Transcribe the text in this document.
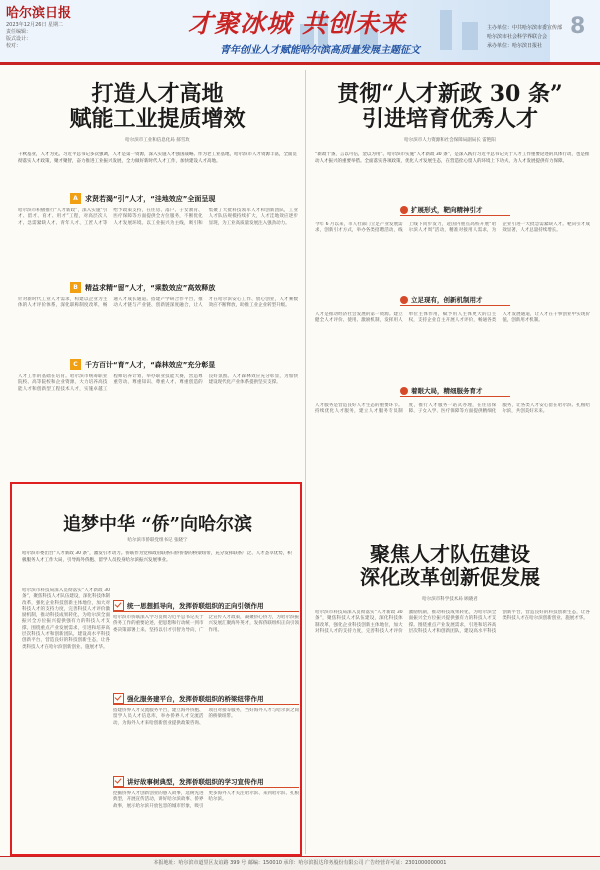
哈尔滨日报
2023年12月26日 星期二
责任编辑：
版式设计：
校对：
才聚冰城 共创未来
青年创业人才赋能哈尔滨高质量发展主题征文
主办单位：中共哈尔滨市委宣传部
哈尔滨市社会科学界联合会
承办单位：哈尔滨日报社
8
打造人才高地
赋能工业提质增效
哈尔滨市工业和信息化局 郝雪玫
千秋基业，人才为先。习近平总书记多次强调，人才是第一资源，深入实施人才强国战略。作为老工业基地，哈尔滨市人才资源丰富，全面贯彻落实人才政策，聚才聚智，奋力推进工业振兴发展，全力做好新时代人才工作，加快建设人才高地。
A	求贤若渴“引”人才，“洼地效应”全面呈现
哈尔滨市积极推行“人才新政”，深入实施“引才、留才、育才、用才”工程，对高层次人才、急需紧缺人才、青年人才、工匠人才等给予政策支持，在住房、落户、子女教育、医疗保障等方面提供全方位服务，不断优化人才发展环境。以工业振兴为主线，吸引和集聚了大批科技领军人才和创新团队，工业人才队伍规模持续扩大，人才洼地效应逐步显现，为工业高质量发展注入强劲动力。
B	精益求精“留”人才，“乘数效应”高效释放
针对新时代工业人才需求，构建以企业为主体的人才评价体系，深化职称制度改革，畅通人才成长通道。搭建产学研合作平台，推动人才链与产业链、创新链深度融合，让人才在哈尔滨安心工作、放心创业，人才乘数效应不断释放，助推工业企业转型升级。
C	千方百计“育”人才，“森林效应”充分彰显
人才工作的基础在培育。哈尔滨市统筹职业院校、高等院校和企业资源，大力培养高技能人才和创新型工程技术人才，实施卓越工程师培养计划，举办职业技能大赛，营造尊重劳动、尊重知识、尊重人才、尊重创造的良好氛围。人才森林效应充分彰显，为加快建设现代化产业体系提供坚实支撑。
贯彻“人才新政 30 条”
引进培育优秀人才
哈尔滨市人力资源和社会保障局副局长 雷艳阳
“新政十条，言以可信，金以为用”。哈尔滨市实施“人才新政 30 条”，是深入践行习近平总书记关于人才工作重要论述的具体行动，也是推动人才振兴的重要举措。全面落实各项政策，优化人才发展生态，在营造拴心留人的环境上下功夫，为人才发展提供有力保障。
扩展形式，靶向精神引才
今年 6 月以来，市人社部门立足产业发展需求，创新引才方式，举办各类招聘活动，线上线下同步发力，赴国内重点高校开展“哈尔滨人才周”活动，精准对接用人需求，为企业引进一大批急需紧缺人才。靶向引才成效显著，人才总量持续增长。
立足现有，创新机制用才
人才是推动经济社会发展的第一资源。建立健全人才评价、使用、激励机制，发挥用人单位主体作用，赋予用人主体更大的自主权，支持企业自主开展人才评价，畅通各类人才发展通道，让人才在干事创业中实现价值，创新用才机制。
着眼大局，精细服务育才
人才服务是营造良好人才生态的重要环节。持续优化人才服务，建立人才服务专员制度，推行人才服务一站式办理，在住房保障、子女入学、医疗保障等方面提供精细化服务，让各类人才安心留在哈尔滨、扎根哈尔滨，共创美好未来。
追梦中华 “侨”向哈尔滨
哈尔滨市侨联党组书记 张晓宁
哈尔滨市委出台“人才新政 30 条”，激发引才动力。侨联作为党和政府联系归侨侨眷的桥梁纽带，充分发挥联系广泛、人才荟萃优势，积极服务人才工作大局，引导海外侨胞、留学人员投身哈尔滨振兴发展事业。
哈尔滨市科技局深入贯彻落实“人才新政 30 条”，聚焦科技人才队伍建设，深化科技体制改革，强化企业科技创新主体地位，加大对科技人才的支持力度，完善科技人才评价激励机制，推动科技成果转化，为哈尔滨全面振兴全方位振兴提供强有力的科技人才支撑。围绕重点产业发展需求，引进和培养高层次科技人才和创新团队，建设高水平科技创新平台，营造良好的科技创新生态，让各类科技人才在哈尔滨创新创业、施展才华。
统一思想抓导向，发挥侨联组织的正向引领作用
哈尔滨市侨联深入学习贯彻习近平总书记关于侨务工作的重要论述，把思想和行动统一到市委决策部署上来。坚持以引才引智为导向，广泛宣传人才政策，凝聚侨心侨力，为哈尔滨振兴发展汇聚海外英才，发挥侨联组织正向引领作用。
强化服务建平台，发挥侨联组织的桥梁纽带作用
搭建侨界人才交流服务平台，建立海外侨胞、留学人员人才信息库，举办侨界人才交流活动，为海外人才来哈创新创业提供政策咨询、项目对接等服务，当好海外人才与哈尔滨之间的桥梁纽带。
讲好故事树典型，发挥侨联组织的学习宣传作用
挖掘侨界人才创新创业的感人故事，选树先进典型，开展宣传活动，讲好哈尔滨故事、侨界故事，展示哈尔滨开放包容的城市形象，吸引更多海外人才关注哈尔滨、来到哈尔滨、扎根哈尔滨。
聚焦人才队伍建设
深化改革创新促发展
哈尔滨市科学技术局 顾晓君
哈尔滨市科技局深入贯彻落实“人才新政 30 条”，聚焦科技人才队伍建设，深化科技体制改革，强化企业科技创新主体地位，加大对科技人才的支持力度，完善科技人才评价激励机制，推动科技成果转化，为哈尔滨全面振兴全方位振兴提供强有力的科技人才支撑。围绕重点产业发展需求，引进和培养高层次科技人才和创新团队，建设高水平科技创新平台，营造良好的科技创新生态，让各类科技人才在哈尔滨创新创业、施展才华。
本报地址：哈尔滨市道里区友谊路 399 号 邮编：150010 承印：哈尔滨报达印务股份有限公司 广告经营许可证：2301000000001
